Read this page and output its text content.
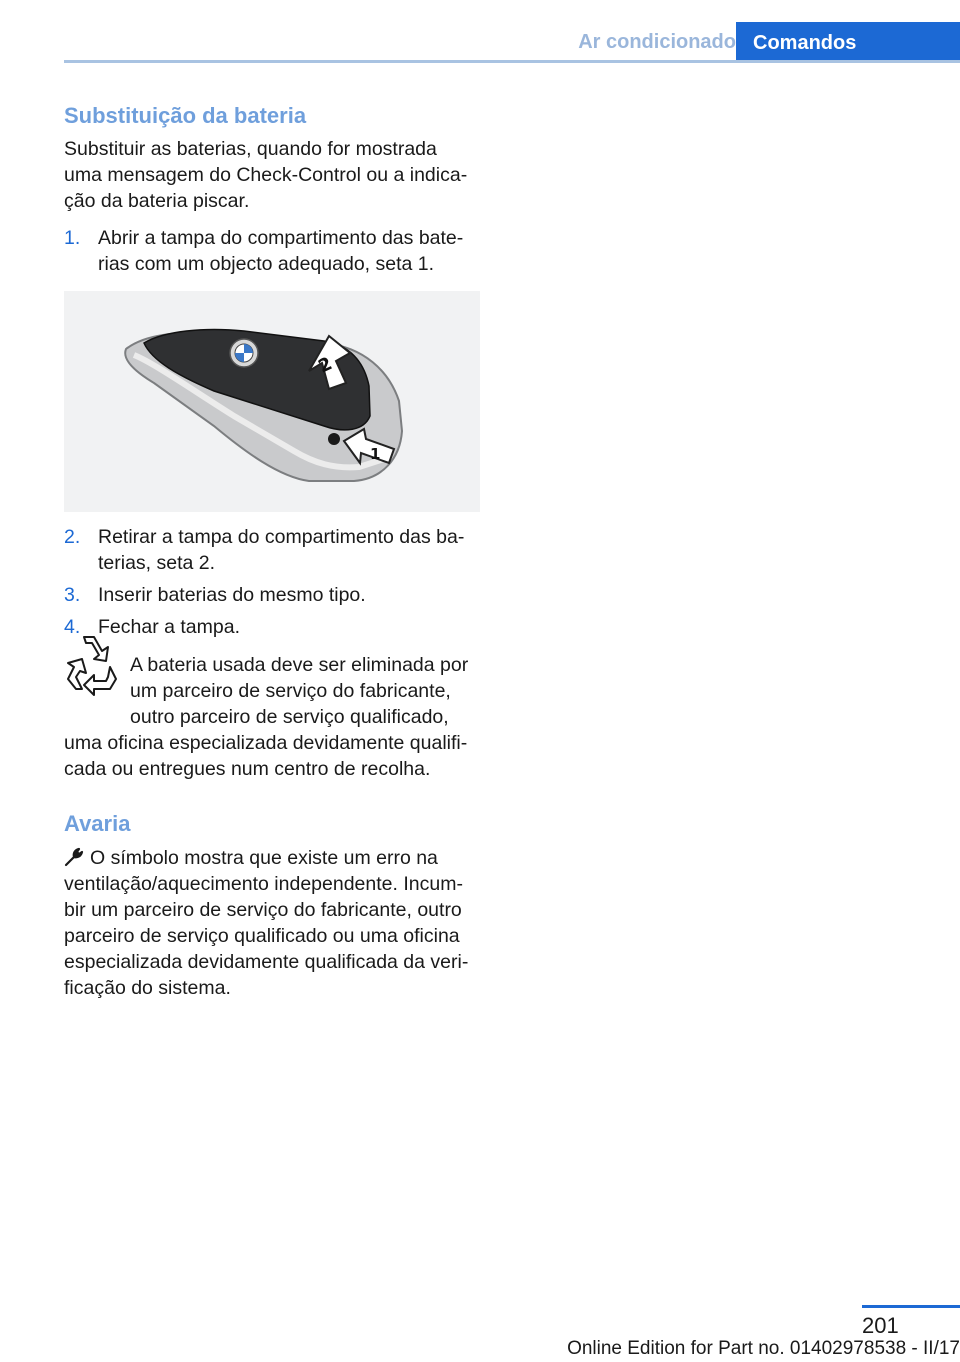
Ar condicionado Comandos
Substituição da bateria

Substituir as baterias, quando for mostrada

uma mensagem do Check-Control ou a indica-

ção da bateria piscar.

1. Abrir a tampa do compartimento das bate-
rias com um objecto adequado, seta 1.
2
1
2. Retirar a tampa do compartimento das ba-
terias, seta 2.
3. Inserir baterias do mesmo tipo.
4. Fechar a tampa.

A bateria usada deve ser eliminada por

um parceiro de serviço do fabricante,

outro parceiro de serviço qualificado,

uma oficina especializada devidamente qualifi-

cada ou entregues num centro de recolha.

Avaria

O símbolo mostra que existe um erro na

ventilação/aquecimento independente. Incum-

bir um parceiro de serviço do fabricante, outro

parceiro de serviço qualificado ou uma oficina

especializada devidamente qualificada da veri-

ficação do sistema.

201
Online Edition for Part no. 01402978538 - II/17
